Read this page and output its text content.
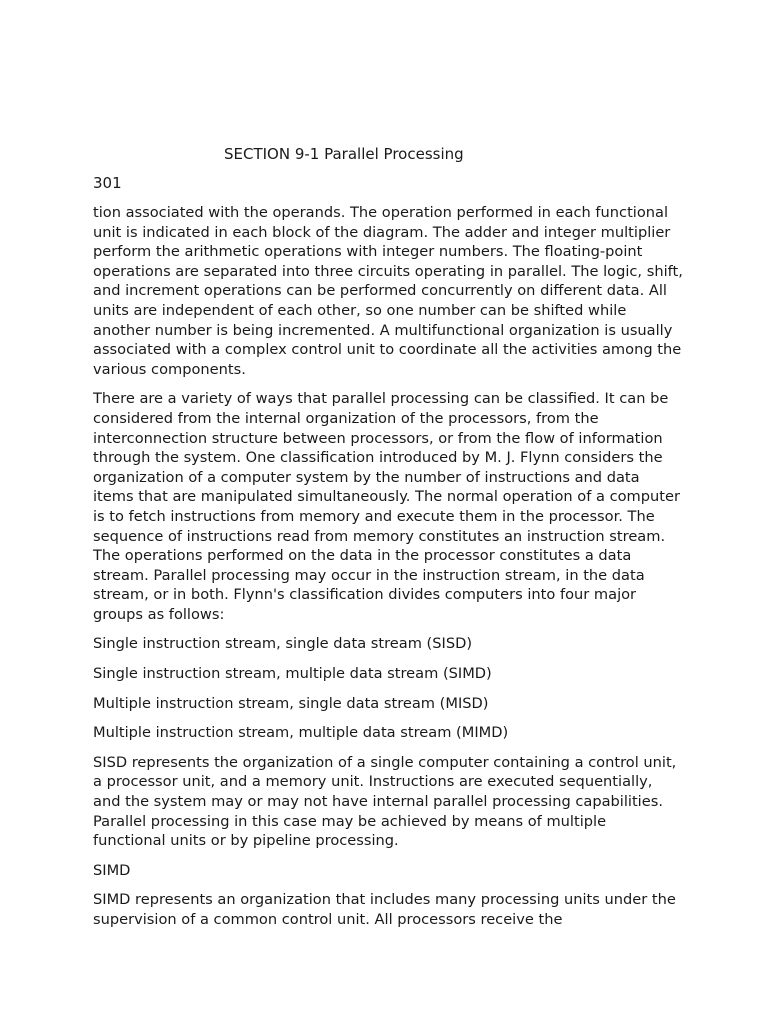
SECTION 9-1 Parallel Processing

301

tion associated with the operands. The operation performed in each functional unit is indicated in each block of the diagram. The adder and integer multiplier perform the arithmetic operations with integer numbers. The floating-point operations are separated into three circuits operating in parallel. The logic, shift, and increment operations can be performed concurrently on different data. All units are independent of each other, so one number can be shifted while another number is being incremented. A multifunctional organization is usually associated with a complex control unit to coordinate all the activities among the various components.

There are a variety of ways that parallel processing can be classified. It can be considered from the internal organization of the processors, from the interconnection structure between processors, or from the flow of information through the system. One classification introduced by M. J. Flynn considers the organization of a computer system by the number of instructions and data items that are manipulated simultaneously. The normal operation of a computer is to fetch instructions from memory and execute them in the processor. The sequence of instructions read from memory constitutes an instruction stream. The operations performed on the data in the processor constitutes a data stream. Parallel processing may occur in the instruction stream, in the data stream, or in both. Flynn's classification divides computers into four major groups as follows:

Single instruction stream, single data stream (SISD)

Single instruction stream, multiple data stream (SIMD)

Multiple instruction stream, single data stream (MISD)

Multiple instruction stream, multiple data stream (MIMD)

SISD represents the organization of a single computer containing a control unit, a processor unit, and a memory unit. Instructions are executed sequentially, and the system may or may not have internal parallel processing capabilities. Parallel processing in this case may be achieved by means of multiple functional units or by pipeline processing.

SIMD

SIMD represents an organization that includes many processing units under the supervision of a common control unit. All processors receive the
